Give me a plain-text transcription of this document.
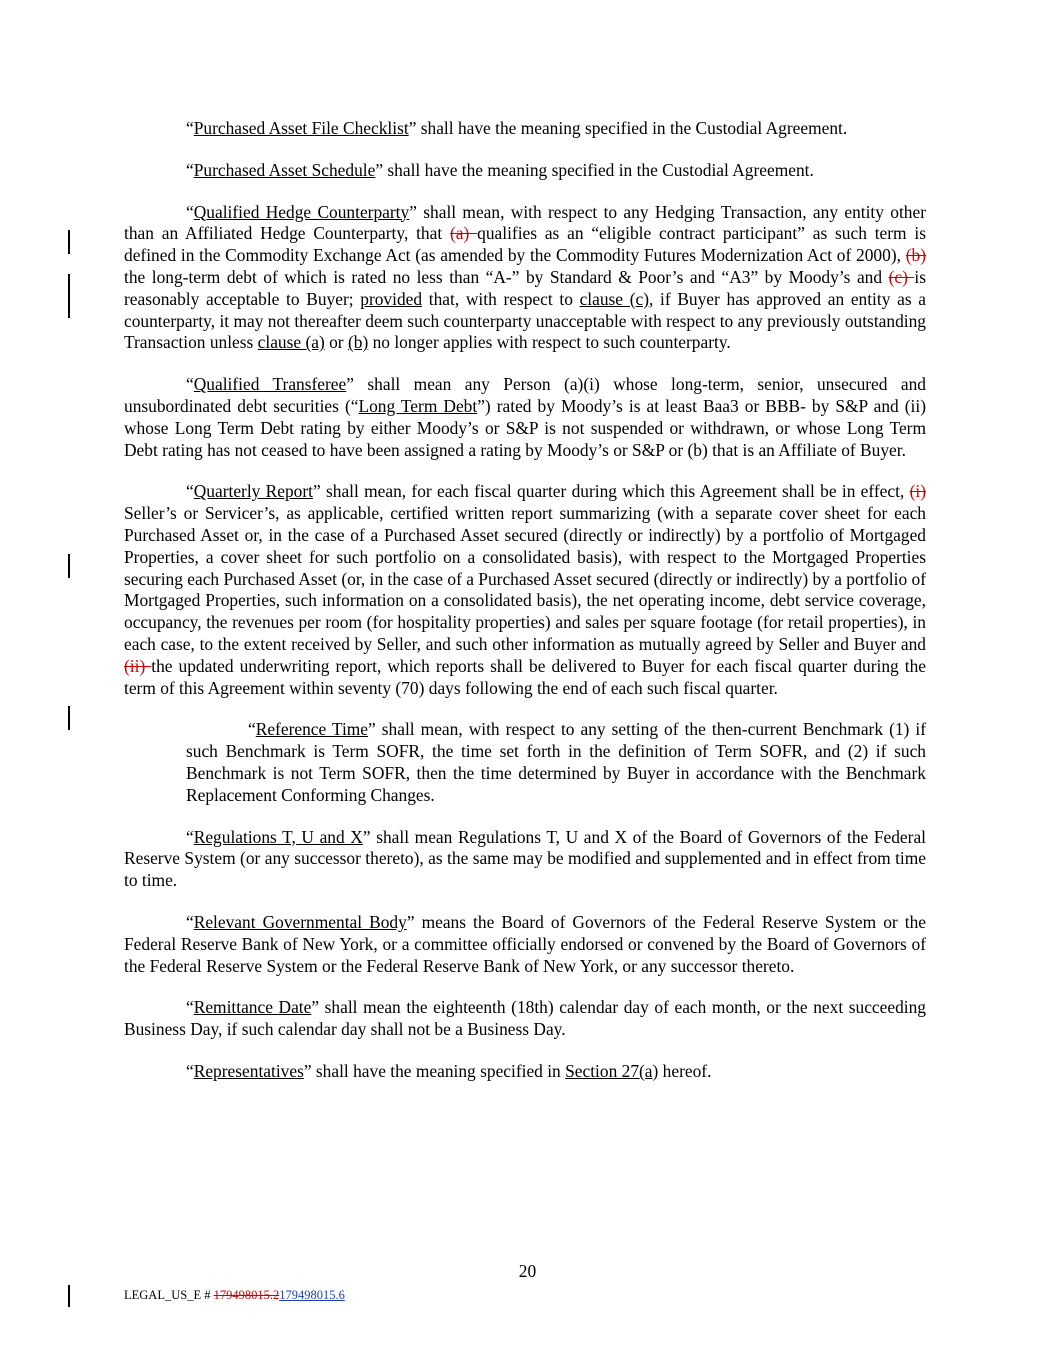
“Purchased Asset File Checklist” shall have the meaning specified in the Custodial Agreement.

“Purchased Asset Schedule” shall have the meaning specified in the Custodial Agreement.

“Qualified Hedge Counterparty” shall mean, with respect to any Hedging Transaction, any entity other than an Affiliated Hedge Counterparty, that (a) qualifies as an “eligible contract participant” as such term is defined in the Commodity Exchange Act (as amended by the Commodity Futures Modernization Act of 2000), (b) the long-term debt of which is rated no less than “A-” by Standard & Poor’s and “A3” by Moody’s and (c) is reasonably acceptable to Buyer; provided that, with respect to clause (c), if Buyer has approved an entity as a counterparty, it may not thereafter deem such counterparty unacceptable with respect to any previously outstanding Transaction unless clause (a) or (b) no longer applies with respect to such counterparty.

“Qualified Transferee” shall mean any Person (a)(i) whose long-term, senior, unsecured and unsubordinated debt securities (“Long Term Debt”) rated by Moody’s is at least Baa3 or BBB- by S&P and (ii) whose Long Term Debt rating by either Moody’s or S&P is not suspended or withdrawn, or whose Long Term Debt rating has not ceased to have been assigned a rating by Moody’s or S&P or (b) that is an Affiliate of Buyer.

“Quarterly Report” shall mean, for each fiscal quarter during which this Agreement shall be in effect, (i) Seller’s or Servicer’s, as applicable, certified written report summarizing (with a separate cover sheet for each Purchased Asset or, in the case of a Purchased Asset secured (directly or indirectly) by a portfolio of Mortgaged Properties, a cover sheet for such portfolio on a consolidated basis), with respect to the Mortgaged Properties securing each Purchased Asset (or, in the case of a Purchased Asset secured (directly or indirectly) by a portfolio of Mortgaged Properties, such information on a consolidated basis), the net operating income, debt service coverage, occupancy, the revenues per room (for hospitality properties) and sales per square footage (for retail properties), in each case, to the extent received by Seller, and such other information as mutually agreed by Seller and Buyer and (ii) the updated underwriting report, which reports shall be delivered to Buyer for each fiscal quarter during the term of this Agreement within seventy (70) days following the end of each such fiscal quarter.

“Reference Time” shall mean, with respect to any setting of the then-current Benchmark (1) if such Benchmark is Term SOFR, the time set forth in the definition of Term SOFR, and (2) if such Benchmark is not Term SOFR, then the time determined by Buyer in accordance with the Benchmark Replacement Conforming Changes.

“Regulations T, U and X” shall mean Regulations T, U and X of the Board of Governors of the Federal Reserve System (or any successor thereto), as the same may be modified and supplemented and in effect from time to time.

“Relevant Governmental Body” means the Board of Governors of the Federal Reserve System or the Federal Reserve Bank of New York, or a committee officially endorsed or convened by the Board of Governors of the Federal Reserve System or the Federal Reserve Bank of New York, or any successor thereto.

“Remittance Date” shall mean the eighteenth (18th) calendar day of each month, or the next succeeding Business Day, if such calendar day shall not be a Business Day.

“Representatives” shall have the meaning specified in Section 27(a) hereof.

20
LEGAL_US_E # 179498015.2179498015.6
